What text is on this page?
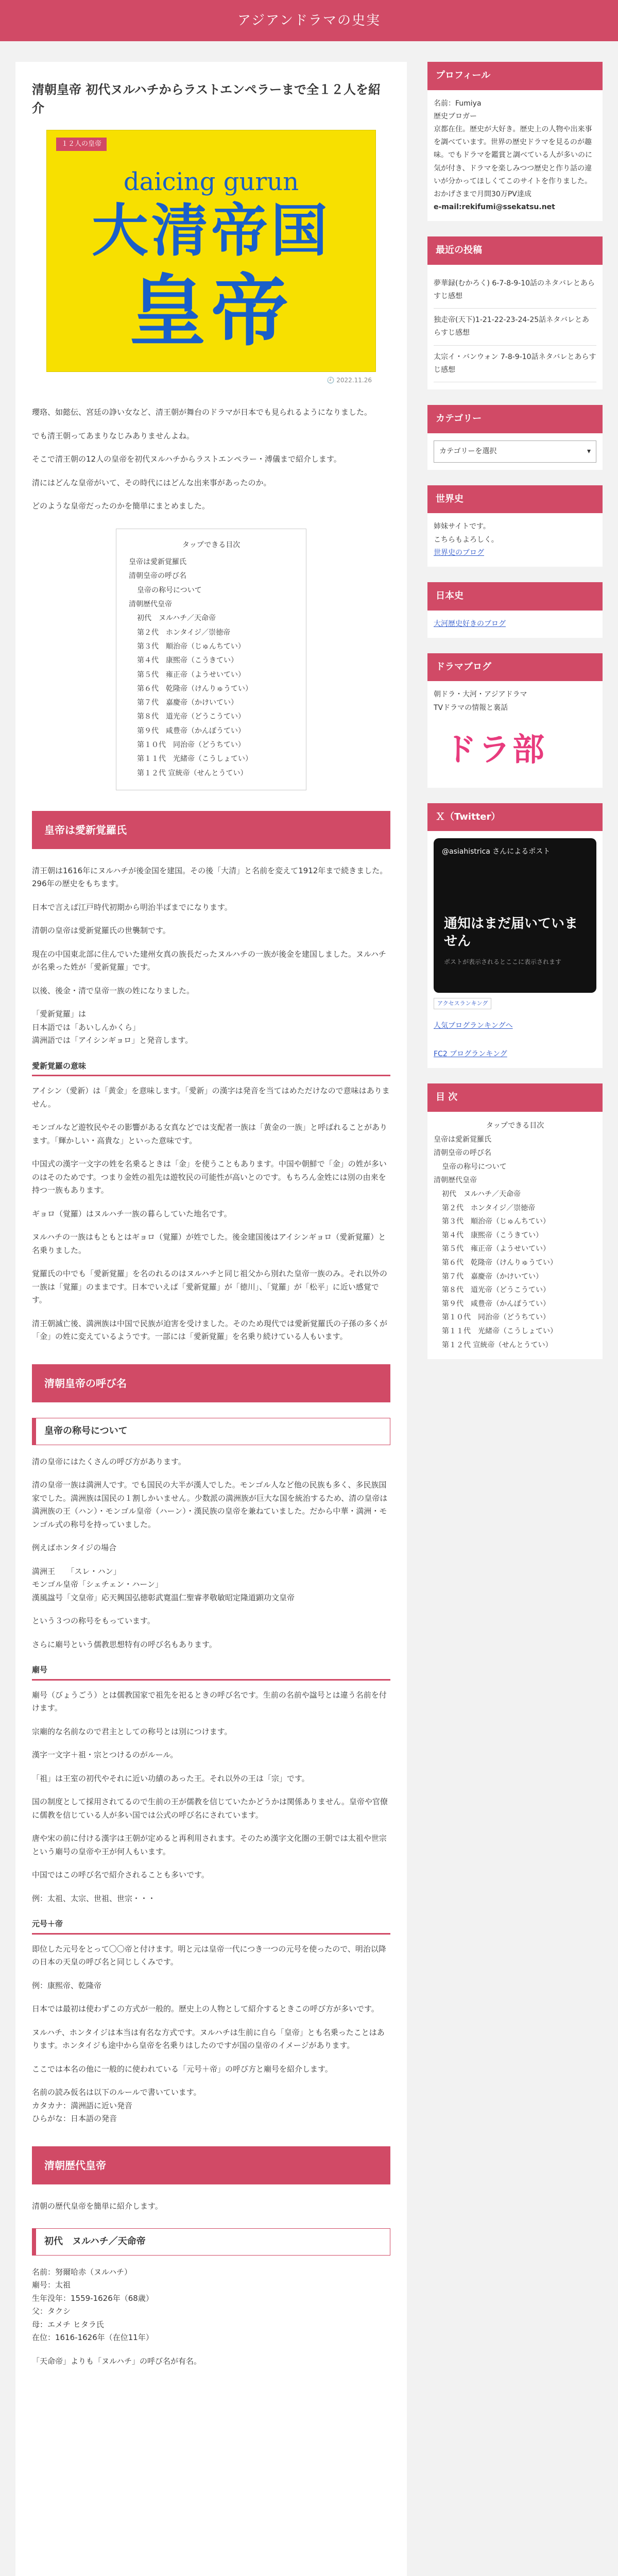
アジアンドラマの史実
清朝皇帝 初代ヌルハチからラストエンペラーまで全１２人を紹介
１２人の皇帝
daicing gurun
大清帝国
皇帝
🕘 2022.11.26
瓔珞、如懿伝、宮廷の諍い女など、清王朝が舞台のドラマが日本でも見られるようになりました。
でも清王朝ってあまりなじみありませんよね。
そこで清王朝の12人の皇帝を初代ヌルハチからラストエンペラー・溥儀まで紹介します。
清にはどんな皇帝がいて、その時代にはどんな出来事があったのか。
どのような皇帝だったのかを簡単にまとめました。
タップできる目次
皇帝は愛新覚羅氏
清朝皇帝の呼び名
皇帝の称号について
清朝歴代皇帝
初代　ヌルハチ／天命帝
第２代　ホンタイジ／崇徳帝
第３代　順治帝（じゅんちてい）
第４代　康煕帝（こうきてい）
第５代　雍正帝（ようせいてい）
第６代　乾隆帝（けんりゅうてい）
第７代　嘉慶帝（かけいてい）
第８代　道光帝（どうこうてい）
第９代　咸豊帝（かんぽうてい）
第１０代　同治帝（どうちてい）
第１１代　光緒帝（こうしょてい）
第１２代 宣統帝（せんとうてい）
皇帝は愛新覚羅氏
清王朝は1616年にヌルハチが後金国を建国。その後「大清」と名前を変えて1912年まで続きました。296年の歴史をもちます。
日本で言えば江戸時代初期から明治半ばまでになります。
清朝の皇帝は愛新覚羅氏の世襲制です。
現在の中国東北部に住んでいた建州女真の族長だったヌルハチの一族が後金を建国しました。ヌルハチが名乗った姓が「愛新覚羅」です。
以後、後金・清で皇帝一族の姓になりました。
「愛新覚羅」は
日本語では「あいしんかくら」
満洲語では「アイシンギョロ」と発音します。
愛新覚羅の意味
アイシン（愛新）は「黄金」を意味します。「愛新」の漢字は発音を当てはめただけなので意味はありません。
モンゴルなど遊牧民やその影響がある女真などでは支配者一族は「黄金の一族」と呼ばれることがあります。「輝かしい・高貴な」といった意味です。
中国式の漢字一文字の姓を名乗るときは「金」を使うこともあります。中国や朝鮮で「金」の姓が多いのはそのためです。つまり金姓の祖先は遊牧民の可能性が高いとのです。もちろん金姓には別の由来を持つ一族もあります。
ギョロ（覚羅）はヌルハチ一族の暮らしていた地名です。
ヌルハチの一族はもともとはギョロ（覚羅）が姓でした。後金建国後はアイシンギョロ（愛新覚羅）と名乗りました。
覚羅氏の中でも「愛新覚羅」を名のれるのはヌルハチと同じ祖父から別れた皇帝一族のみ。それ以外の一族は「覚羅」のままです。日本でいえば「愛新覚羅」が「徳川」、「覚羅」が「松平」に近い感覚です。
清王朝滅亡後、満洲族は中国で民族が迫害を受けました。そのため現代では愛新覚羅氏の子孫の多くが「金」の姓に変えているようです。一部には「愛新覚羅」を名乗り続けている人もいます。
清朝皇帝の呼び名
皇帝の称号について
清の皇帝にはたくさんの呼び方があります。
清の皇帝一族は満洲人です。でも国民の大半が漢人でした。モンゴル人など他の民族も多く、多民族国家でした。満洲族は国民の１割しかいません。少数派の満洲族が巨大な国を統治するため、清の皇帝は満洲族の王（ハン）・モンゴル皇帝（ハーン）・漢民族の皇帝を兼ねていました。だから中華・満洲・モンゴル式の称号を持っていました。
例えばホンタイジの場合
満洲王　　「スレ・ハン」
モンゴル皇帝「シェチェン・ハーン」
漢風諡号「文皇帝」応天興国弘徳彰武寛温仁聖睿孝敬敏昭定隆道顕功文皇帝
という３つの称号をもっています。
さらに廟号という儒教思想特有の呼び名もあります。
廟号
廟号（びょうごう）とは儒教国家で祖先を祀るときの呼び名です。生前の名前や諡号とは違う名前を付けます。
宗廟的な名前なので君主としての称号とは別につけます。
漢字一文字＋祖・宗とつけるのがルール。
「祖」は王室の初代やそれに近い功績のあった王。それ以外の王は「宗」です。
国の制度として採用されてるので生前の王が儒教を信じていたかどうかは関係ありません。皇帝や官僚に儒教を信じている人が多い国では公式の呼び名にされています。
唐や宋の前に付ける漢字は王朝が定めると再利用されます。そのため漢字文化圏の王朝では太祖や世宗という廟号の皇帝や王が何人もいます。
中国ではこの呼び名で紹介されることも多いです。
例：太祖、太宗、世祖、世宗・・・
元号＋帝
即位した元号をとって〇〇帝と付けます。明と元は皇帝一代につき一つの元号を使ったので、明治以降の日本の天皇の呼び名と同じしくみです。
例：康熙帝、乾隆帝
日本では最初は使わずこの方式が一般的。歴史上の人物として紹介するときこの呼び方が多いです。
ヌルハチ、ホンタイジは本当は有名な方式です。ヌルハチは生前に自ら「皇帝」とも名乗ったことはあります。ホンタイジも途中から皇帝を名乗りはしたのですが国の皇帝のイメージがあります。
ここでは本名の他に一般的に使われている「元号＋帝」の呼び方と廟号を紹介します。
名前の読み仮名は以下のルールで書いています。
カタカナ：満洲語に近い発音
ひらがな：日本語の発音
清朝歴代皇帝
清朝の歴代皇帝を簡単に紹介します。
初代　ヌルハチ／天命帝
名前：努爾哈赤（ヌルハチ）
廟号：太祖
生年没年：1559-1626年（68歳）
父：タクシ
母：エメチ ヒタラ氏
在位：1616-1626年（在位11年）
「天命帝」よりも「ヌルハチ」の呼び名が有名。
プロフィール
名前：Fumiya
歴史ブロガー
京都在住。歴史が大好き。歴史上の人物や出来事を調べています。世界の歴史ドラマを見るのが趣味。でもドラマを鑑賞と調べている人が多いのに気が付き、ドラマを楽しみつつ歴史と作り話の違いが分かってほしくてこのサイトを作りました。
おかげさまで月間30万PV達成
e-mail:rekifumi@ssekatsu.net
最近の投稿
夢華録(むかろく) 6-7-8-9-10話のネタバレとあらすじ感想
独走帝(天下)1-21-22-23-24-25話ネタバレとあらすじ感想
太宗イ・バンウォン 7-8-9-10話ネタバレとあらすじ感想
カテゴリー
カテゴリーを選択	▾
世界史
姉妹サイトです。
こちらもよろしく。
世界史のブログ
日本史
大河歴史好きのブログ
ドラマブログ
朝ドラ・大河・アジアドラマ
TVドラマの情報と裏話
ドラ部
Ｘ（Twitter）
@asiahistrica さんによるポスト
通知はまだ届いていません
ポストが表示されるとここに表示されます
アクセスランキング
人気ブログランキングへ
FC2 ブログランキング
目 次
タップできる目次
皇帝は愛新覚羅氏
清朝皇帝の呼び名
皇帝の称号について
清朝歴代皇帝
初代　ヌルハチ／天命帝
第２代　ホンタイジ／崇徳帝
第３代　順治帝（じゅんちてい）
第４代　康煕帝（こうきてい）
第５代　雍正帝（ようせいてい）
第６代　乾隆帝（けんりゅうてい）
第７代　嘉慶帝（かけいてい）
第８代　道光帝（どうこうてい）
第９代　咸豊帝（かんぽうてい）
第１０代　同治帝（どうちてい）
第１１代　光緒帝（こうしょてい）
第１２代 宣統帝（せんとうてい）
